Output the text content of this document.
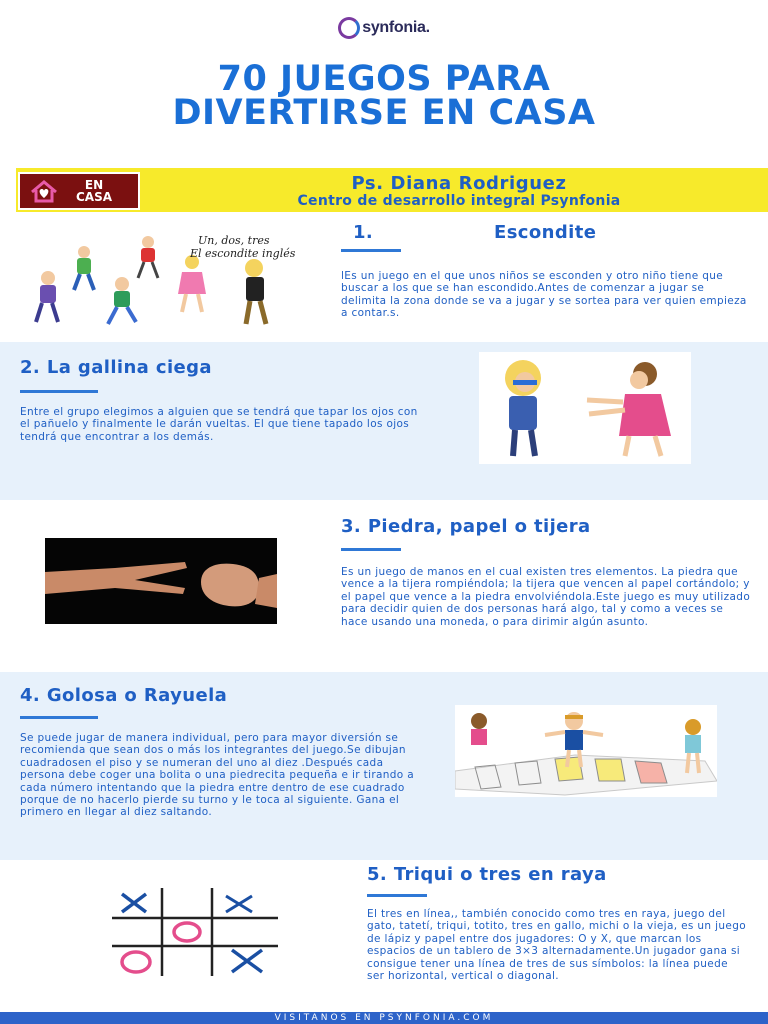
synfonia.
70 JUEGOS PARA
DIVERTIRSE EN CASA
EN
CASA
Ps. Diana Rodriguez
Centro de desarrollo integral Psynfonia
Un, dos, tres
El escondite inglés
1.	Escondite
lEs un juego en el que unos niños se esconden y otro niño tiene que buscar a los que se han escondido.Antes de comenzar a jugar se delimita la zona donde se va a jugar y se sortea para ver quien empieza a contar.s.
2. La gallina ciega
Entre el grupo elegimos a alguien que se tendrá que tapar los ojos con el pañuelo y finalmente le darán vueltas. El que tiene tapado los ojos tendrá que encontrar a los demás.
3. Piedra, papel o tijera
Es un juego de manos en el cual existen tres elementos. La piedra que vence a la tijera rompiéndola; la tijera que vencen al papel cortándolo; y el papel que vence a la piedra envolviéndola.Este juego es muy utilizado para decidir quien de dos personas hará algo, tal y como a veces se hace usando una moneda, o para dirimir algún asunto.
4. Golosa o Rayuela
Se puede jugar de manera individual, pero para mayor diversión se recomienda que sean dos o más los integrantes del juego.Se dibujan cuadradosen el piso y se numeran del uno al diez .Después cada persona debe coger una bolita o una piedrecita pequeña e ir tirando a cada número intentando que la piedra entre dentro de ese cuadrado porque de no hacerlo pierde su turno y le toca al siguiente. Gana el primero en llegar al diez saltando.
5. Triqui o tres en raya
El tres en línea,, también conocido como tres en raya, juego del gato, tatetí, triqui, totito, tres en gallo, michi o la vieja, es un juego de lápiz y papel entre dos jugadores: O y X, que marcan los espacios de un tablero de 3×3 alternadamente.Un jugador gana si consigue tener una línea de tres de sus símbolos: la línea puede ser horizontal, vertical o diagonal.
VISITANOS EN PSYNFONIA.COM
